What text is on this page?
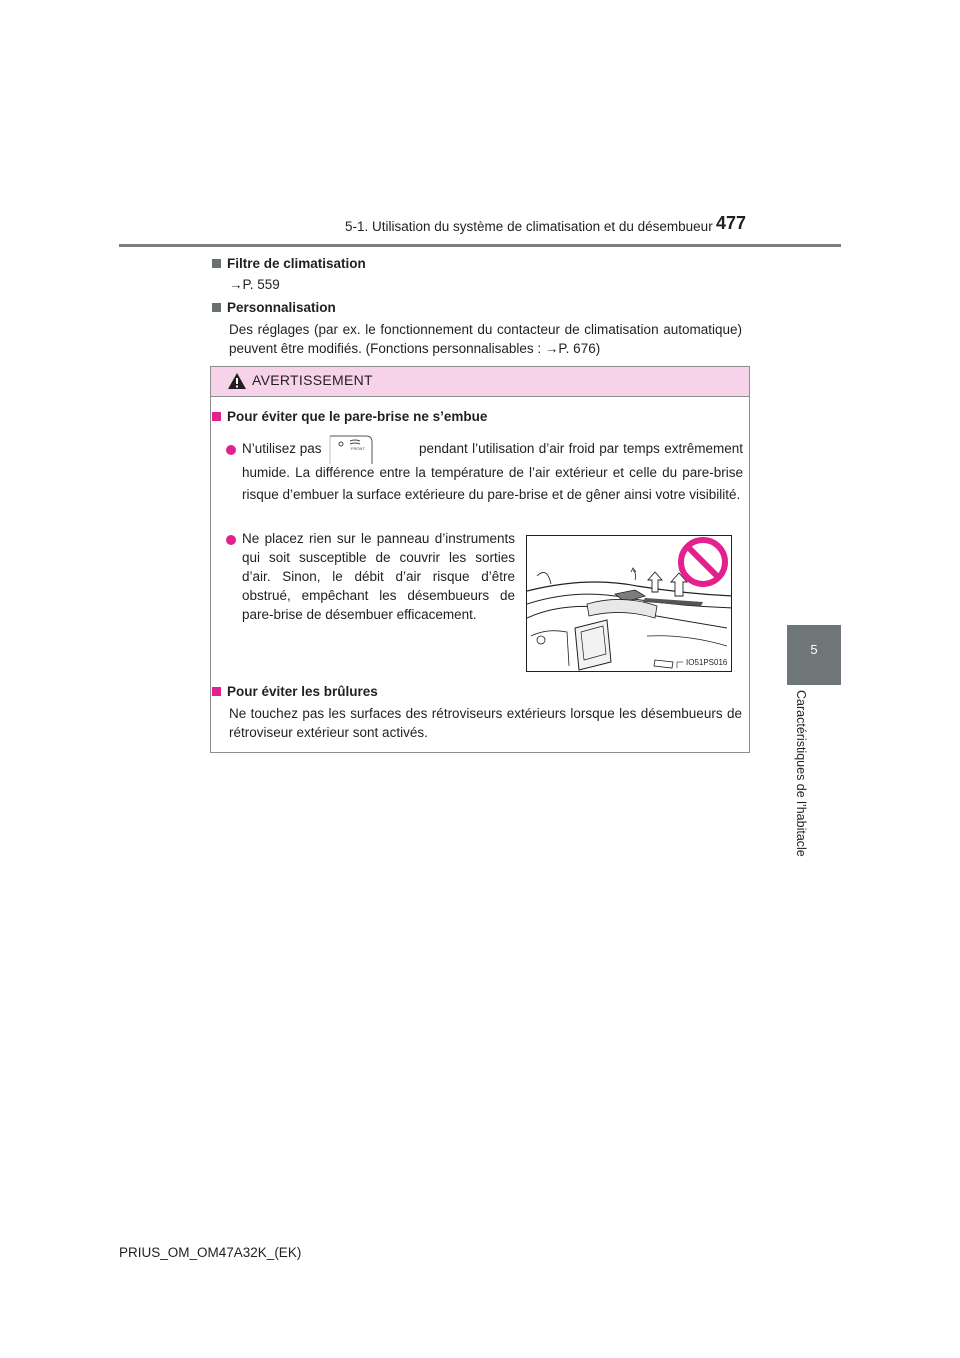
5-1. Utilisation du système de climatisation et du désembueur 477
5
Caractéristiques de l’habitacle
Filtre de climatisation
→P. 559
Personnalisation
Des réglages (par ex. le fonctionnement du contacteur de climatisation automatique) peuvent être modifiés. (Fonctions personnalisables : →P. 676)
AVERTISSEMENT
Pour éviter que le pare-brise ne s’embue
N’utilisez pas	FRONT	pendant l’utilisation d’air froid par temps extrêmement
humide. La différence entre la température de l’air extérieur et celle du pare-brise risque d’embuer la surface extérieure du pare-brise et de gêner ainsi votre visibilité.
Ne placez rien sur le panneau d’instruments qui soit susceptible de couvrir les sorties d’air. Sinon, le débit d’air risque d’être obstrué, empêchant les désembueurs de pare-brise de désembuer efficacement.
IO51PS016
Pour éviter les brûlures
Ne touchez pas les surfaces des rétroviseurs extérieurs lorsque les désembueurs de rétroviseur extérieur sont activés.
PRIUS_OM_OM47A32K_(EK)
